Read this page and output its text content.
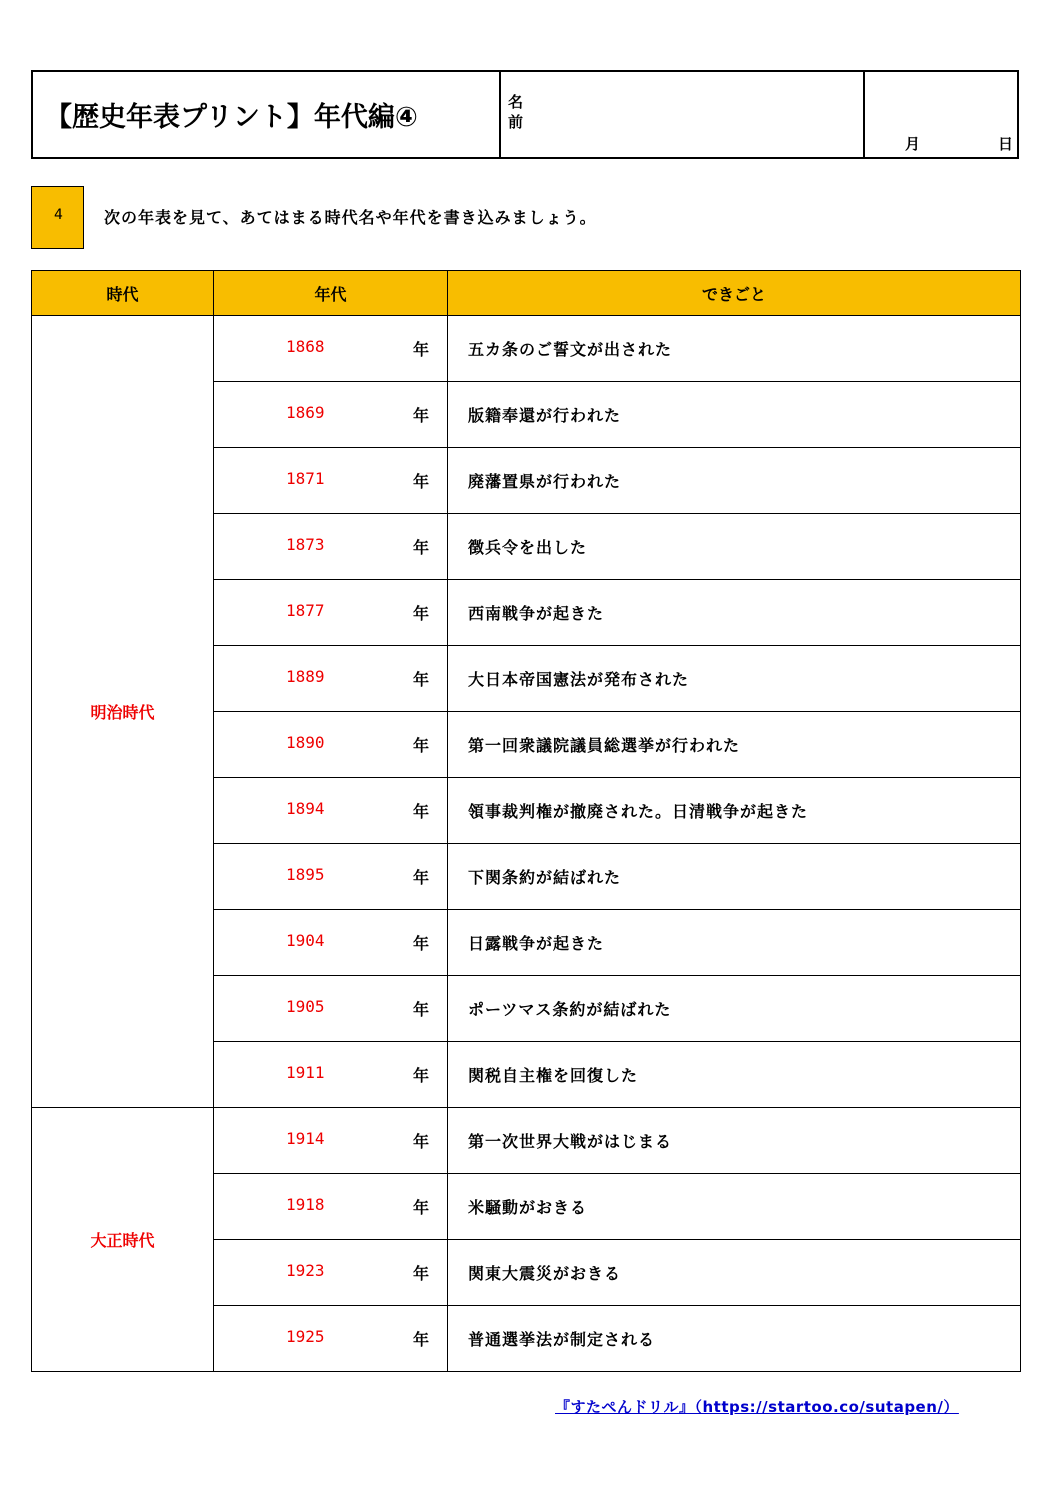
【歴史年表プリント】年代編④	名前
月	日
4	次の年表を見て、あてはまる時代名や年代を書き込みましょう。
時代	年代	できごと
明治時代	1868 年	五カ条のご誓文が出された

	1869 年	版籍奉還が行われた

	1871 年	廃藩置県が行われた

	1873 年	徴兵令を出した

	1877 年	西南戦争が起きた

	1889 年	大日本帝国憲法が発布された

	1890 年	第一回衆議院議員総選挙が行われた

	1894 年	領事裁判権が撤廃された。日清戦争が起きた

	1895 年	下関条約が結ばれた

	1904 年	日露戦争が起きた

	1905 年	ポーツマス条約が結ばれた

	1911 年	関税自主権を回復した
大正時代	1914 年	第一次世界大戦がはじまる

	1918 年	米騒動がおきる

	1923 年	関東大震災がおきる

	1925 年	普通選挙法が制定される
『すたぺんドリル』（https://startoo.co/sutapen/）
